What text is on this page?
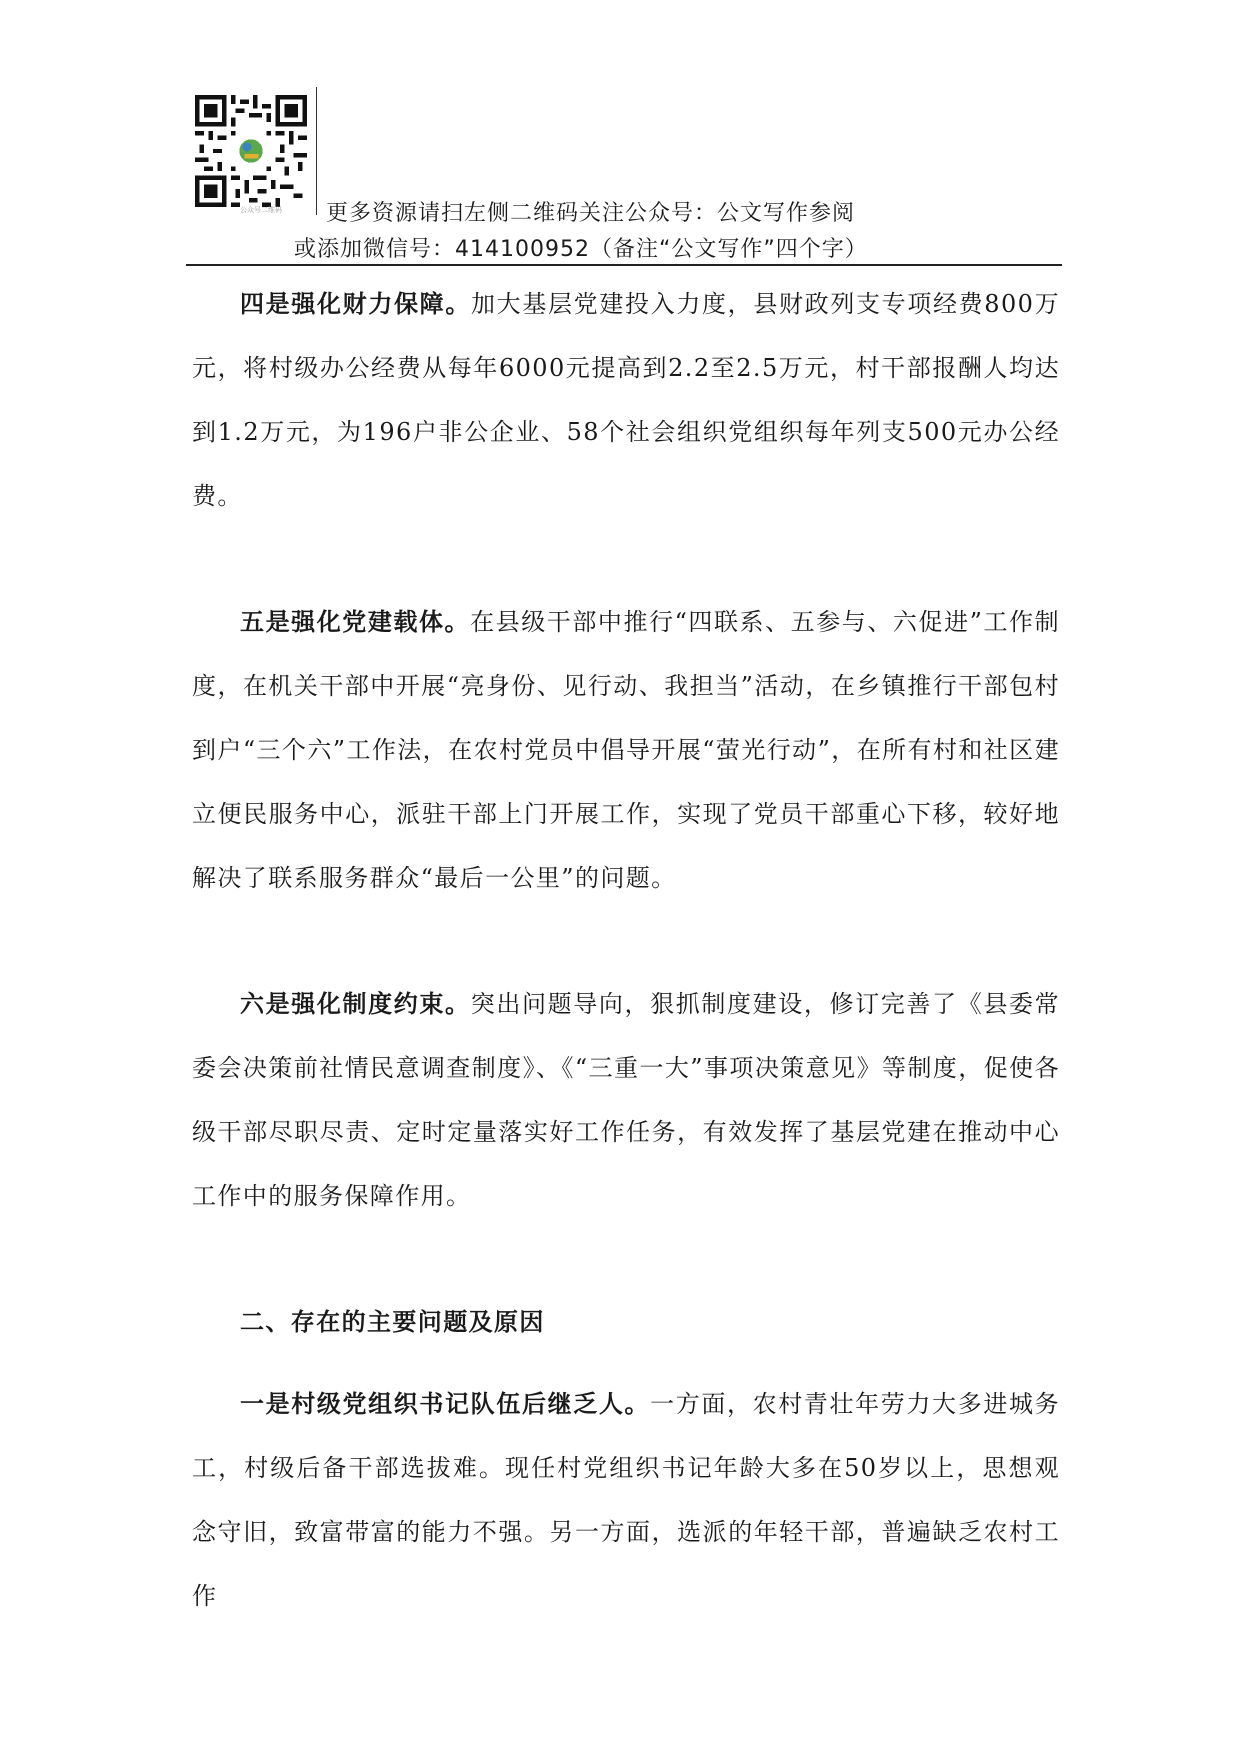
公众号二维码 更多资源请扫左侧二维码关注公众号：公文写作参阅
或添加微信号：414100952（备注“公文写作”四个字）

四是强化财力保障。加大基层党建投入力度，县财政列支专项经费800万元，将村级办公经费从每年6000元提高到2.2至2.5万元，村干部报酬人均达到1.2万元，为196户非公企业、58个社会组织党组织每年列支500元办公经费。

五是强化党建载体。在县级干部中推行“四联系、五参与、六促进”工作制度，在机关干部中开展“亮身份、见行动、我担当”活动，在乡镇推行干部包村到户“三个六”工作法，在农村党员中倡导开展“萤光行动”，在所有村和社区建立便民服务中心，派驻干部上门开展工作，实现了党员干部重心下移，较好地解决了联系服务群众“最后一公里”的问题。

六是强化制度约束。突出问题导向，狠抓制度建设，修订完善了《县委常委会决策前社情民意调查制度》、《“三重一大”事项决策意见》等制度，促使各级干部尽职尽责、定时定量落实好工作任务，有效发挥了基层党建在推动中心工作中的服务保障作用。

二、存在的主要问题及原因

一是村级党组织书记队伍后继乏人。一方面，农村青壮年劳力大多进城务工，村级后备干部选拔难。现任村党组织书记年龄大多在50岁以上，思想观念守旧，致富带富的能力不强。另一方面，选派的年轻干部，普遍缺乏农村工作
